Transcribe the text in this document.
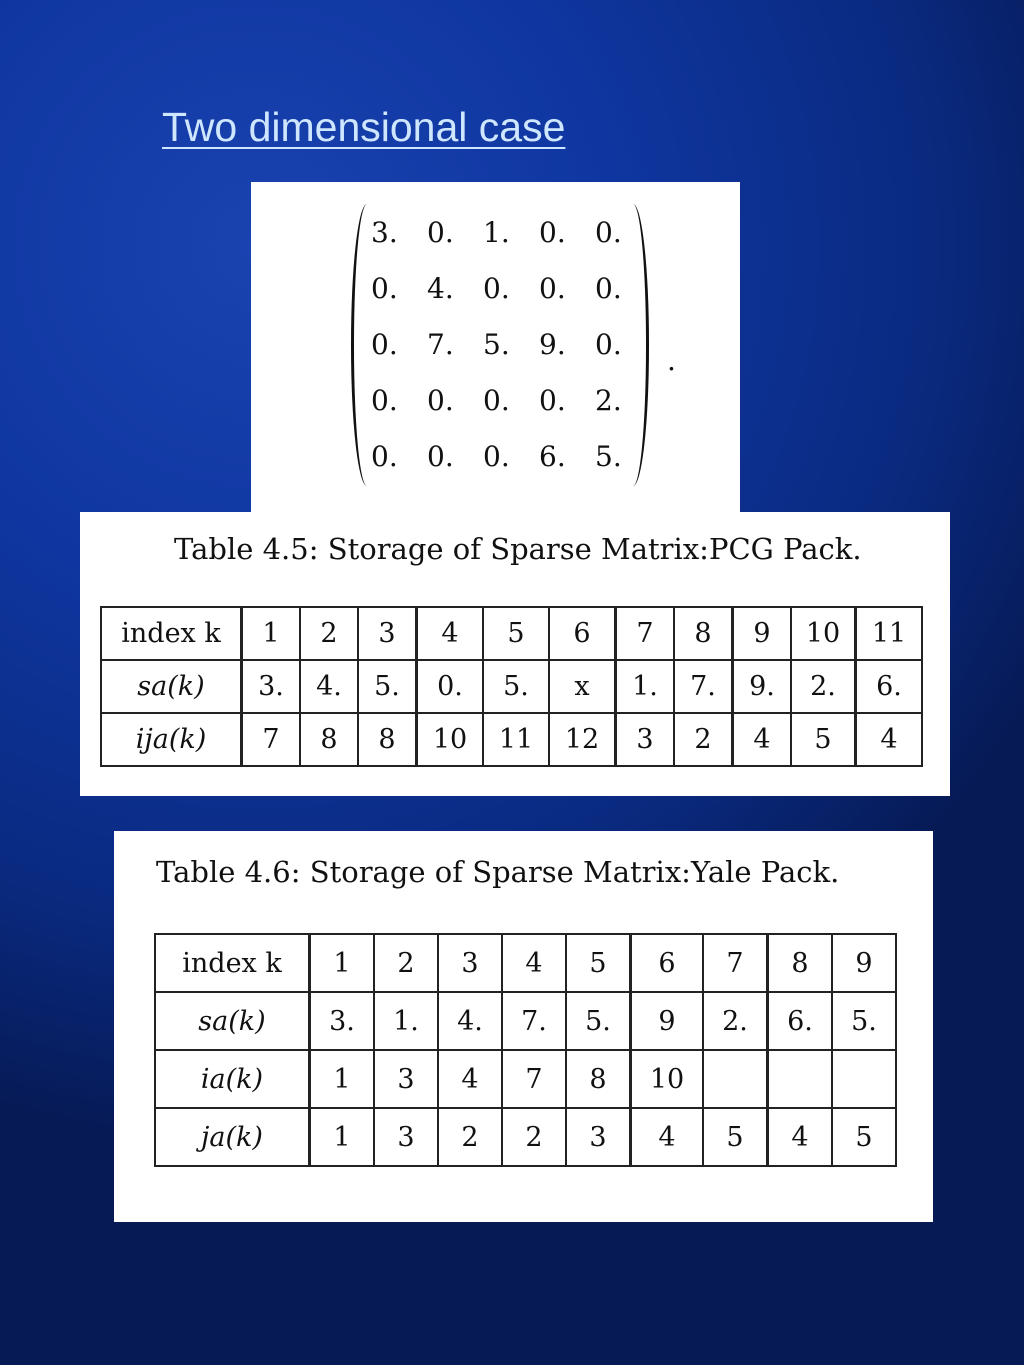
Two dimensional case
3.	0.	1.	0.	0.
0.	4.	0.	0.	0.
0.	7.	5.	9.	0.
0.	0.	0.	0.	2.
0.	0.	0.	6.	5.
.

Table 4.5: Storage of Sparse Matrix:PCG Pack.

index k	1	2	3	4	5	6	7	8	9	10	11
sa(k)	3.	4.	5.	0.	5.	x	1.	7.	9.	2.	6.
ija(k)	7	8	8	10	11	12	3	2	4	5	4

Table 4.6: Storage of Sparse Matrix:Yale Pack.

index k	1	2	3	4	5	6	7	8	9
sa(k)	3.	1.	4.	7.	5.	9	2.	6.	5.
ia(k)	1	3	4	7	8	10			
ja(k)	1	3	2	2	3	4	5	4	5
